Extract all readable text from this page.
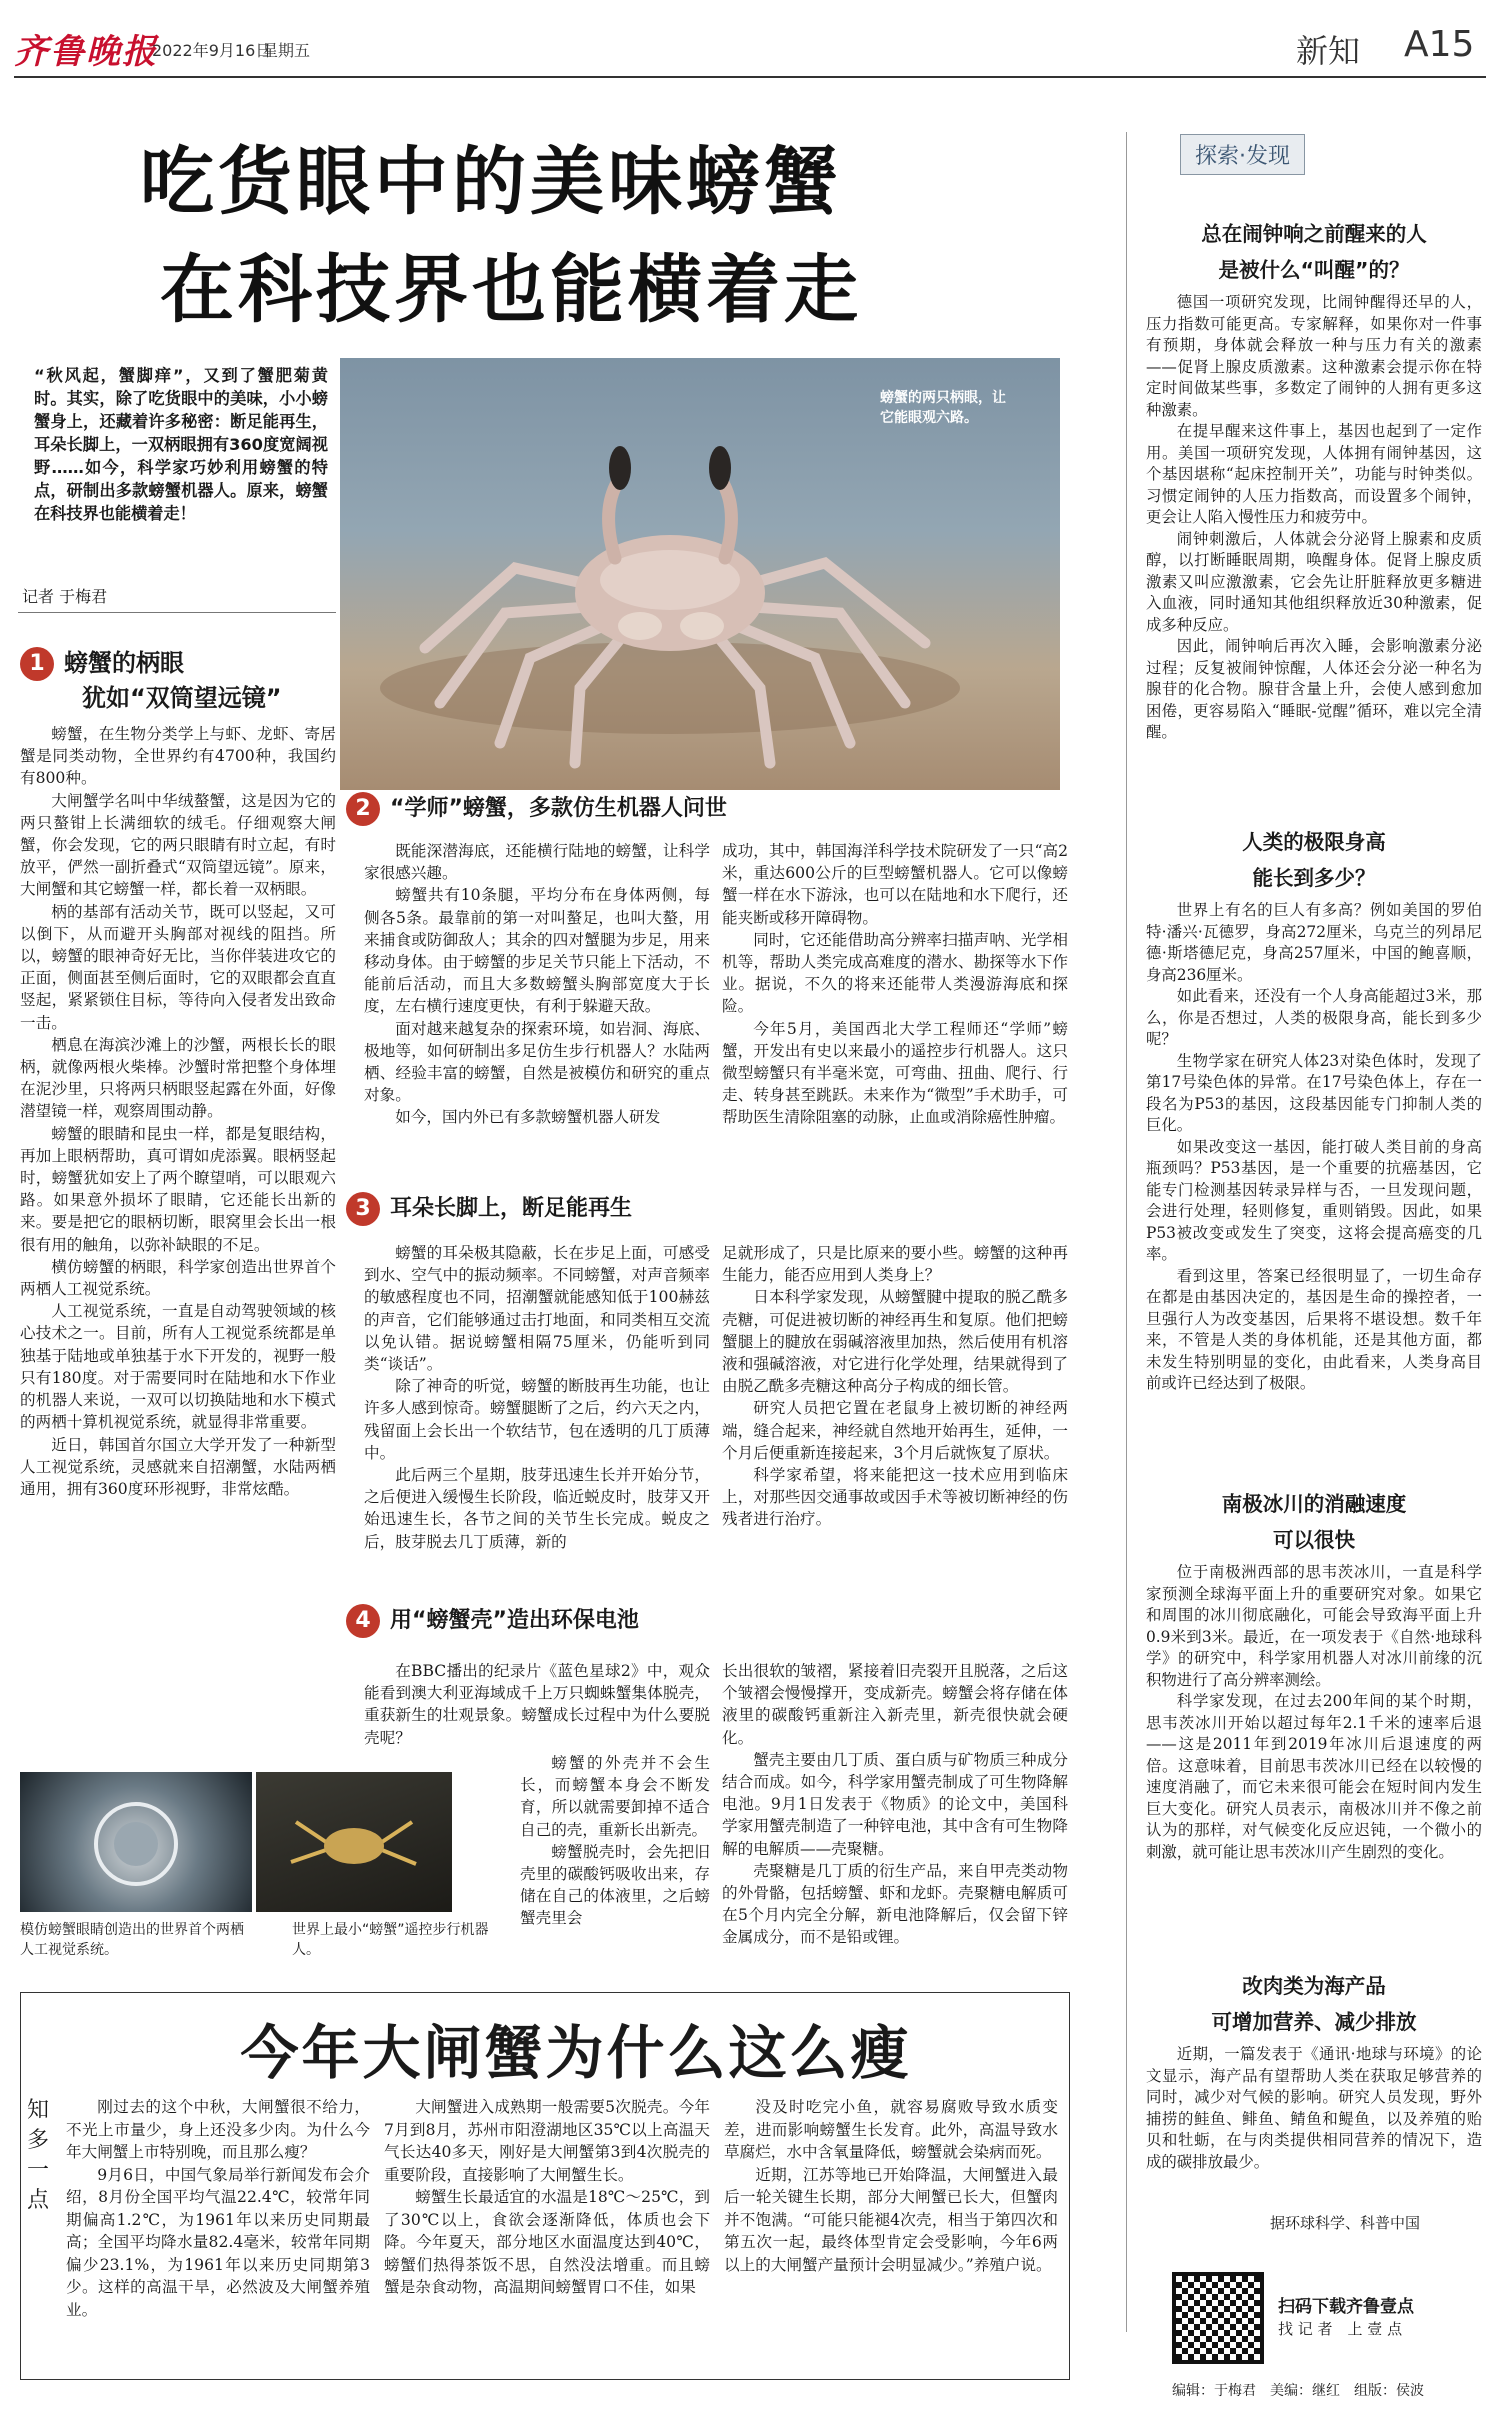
齐鲁晚报
2022年9月16日
星期五	新知 A15
吃货眼中的美味螃蟹
在科技界也能横着走
“秋风起，蟹脚痒”，又到了蟹肥菊黄时。其实，除了吃货眼中的美味，小小螃蟹身上，还藏着许多秘密：断足能再生，耳朵长脚上，一双柄眼拥有360度宽阔视野……如今，科学家巧妙利用螃蟹的特点，研制出多款螃蟹机器人。原来，螃蟹在科技界也能横着走！
记者 于梅君
螃蟹的两只柄眼，让它能眼观六路。
1 螃蟹的柄眼
犹如“双筒望远镜”

螃蟹，在生物分类学上与虾、龙虾、寄居蟹是同类动物，全世界约有4700种，我国约有800种。

大闸蟹学名叫中华绒螯蟹，这是因为它的两只螯钳上长满细软的绒毛。仔细观察大闸蟹，你会发现，它的两只眼睛有时立起，有时放平，俨然一副折叠式“双筒望远镜”。原来，大闸蟹和其它螃蟹一样，都长着一双柄眼。

柄的基部有活动关节，既可以竖起，又可以倒下，从而避开头胸部对视线的阻挡。所以，螃蟹的眼神奇好无比，当你伴装进攻它的正面，侧面甚至侧后面时，它的双眼都会直直竖起，紧紧锁住目标，等待向入侵者发出致命一击。

栖息在海滨沙滩上的沙蟹，两根长长的眼柄，就像两根火柴棒。沙蟹时常把整个身体埋在泥沙里，只将两只柄眼竖起露在外面，好像潜望镜一样，观察周围动静。

螃蟹的眼睛和昆虫一样，都是复眼结构，再加上眼柄帮助，真可谓如虎添翼。眼柄竖起时，螃蟹犹如安上了两个瞭望哨，可以眼观六路。如果意外损坏了眼睛，它还能长出新的来。要是把它的眼柄切断，眼窝里会长出一根很有用的触角，以弥补缺眼的不足。

横仿螃蟹的柄眼，科学家创造出世界首个两栖人工视觉系统。

人工视觉系统，一直是自动驾驶领域的核心技术之一。目前，所有人工视觉系统都是单独基于陆地或单独基于水下开发的，视野一般只有180度。对于需要同时在陆地和水下作业的机器人来说，一双可以切换陆地和水下模式的两栖十算机视觉系统，就显得非常重要。

近日，韩国首尔国立大学开发了一种新型人工视觉系统，灵感就来自招潮蟹，水陆两栖通用，拥有360度环形视野，非常炫酷。

模仿螃蟹眼睛创造出的世界首个两栖人工视觉系统。
世界上最小“螃蟹”遥控步行机器人。
2 “学师”螃蟹，多款仿生机器人问世

既能深潜海底，还能横行陆地的螃蟹，让科学家很感兴趣。

螃蟹共有10条腿，平均分布在身体两侧，每侧各5条。最靠前的第一对叫螯足，也叫大螯，用来捕食或防御敌人；其余的四对蟹腿为步足，用来移动身体。由于螃蟹的步足关节只能上下活动，不能前后活动，而且大多数螃蟹头胸部宽度大于长度，左右横行速度更快，有利于躲避天敌。

面对越来越复杂的探索环境，如岩洞、海底、极地等，如何研制出多足仿生步行机器人？水陆两栖、经验丰富的螃蟹，自然是被模仿和研究的重点对象。

如今，国内外已有多款螃蟹机器人研发

成功，其中，韩国海洋科学技术院研发了一只“高2米，重达600公斤的巨型螃蟹机器人。它可以像螃蟹一样在水下游泳，也可以在陆地和水下爬行，还能夹断或移开障碍物。

同时，它还能借助高分辨率扫描声呐、光学相机等，帮助人类完成高难度的潜水、勘探等水下作业。据说，不久的将来还能带人类漫游海底和探险。

今年5月，美国西北大学工程师还“学师”螃蟹，开发出有史以来最小的遥控步行机器人。这只微型螃蟹只有半毫米宽，可弯曲、扭曲、爬行、行走、转身甚至跳跃。未来作为“微型”手术助手，可帮助医生清除阻塞的动脉，止血或消除癌性肿瘤。

3 耳朵长脚上，断足能再生

螃蟹的耳朵极其隐蔽，长在步足上面，可感受到水、空气中的振动频率。不同螃蟹，对声音频率的敏感程度也不同，招潮蟹就能感知低于100赫兹的声音，它们能够通过击打地面，和同类相互交流以免认错。据说螃蟹相隔75厘米，仍能听到同类“谈话”。

除了神奇的听觉，螃蟹的断肢再生功能，也让许多人感到惊奇。螃蟹腿断了之后，约六天之内，残留面上会长出一个软结节，包在透明的几丁质薄中。

此后两三个星期，肢芽迅速生长并开始分节，之后便进入缓慢生长阶段，临近蜕皮时，肢芽又开始迅速生长，各节之间的关节生长完成。蜕皮之后，肢芽脱去几丁质薄，新的

足就形成了，只是比原来的要小些。螃蟹的这种再生能力，能否应用到人类身上？

日本科学家发现，从螃蟹腱中提取的脱乙酰多壳糖，可促进被切断的神经再生和复原。他们把螃蟹腿上的腱放在弱碱溶液里加热，然后使用有机溶液和强碱溶液，对它进行化学处理，结果就得到了由脱乙酰多壳糖这种高分子构成的细长管。

研究人员把它置在老鼠身上被切断的神经两端，缝合起来，神经就自然地开始再生，延伸，一个月后便重新连接起来，3个月后就恢复了原状。

科学家希望，将来能把这一技术应用到临床上，对那些因交通事故或因手术等被切断神经的伤残者进行治疗。

4 用“螃蟹壳”造出环保电池

在BBC播出的纪录片《蓝色星球2》中，观众能看到澳大利亚海域成千上万只蜘蛛蟹集体脱壳，重获新生的壮观景象。螃蟹成长过程中为什么要脱壳呢？

螃蟹的外壳并不会生长，而螃蟹本身会不断发育，所以就需要卸掉不适合自己的壳，重新长出新壳。

螃蟹脱壳时，会先把旧壳里的碳酸钙吸收出来，存储在自己的体液里，之后螃蟹壳里会

长出很软的皱褶，紧接着旧壳裂开且脱落，之后这个皱褶会慢慢撑开，变成新壳。螃蟹会将存储在体液里的碳酸钙重新注入新壳里，新壳很快就会硬化。

蟹壳主要由几丁质、蛋白质与矿物质三种成分结合而成。如今，科学家用蟹壳制成了可生物降解电池。9月1日发表于《物质》的论文中，美国科学家用蟹壳制造了一种锌电池，其中含有可生物降解的电解质——壳聚糖。

壳聚糖是几丁质的衍生产品，来自甲壳类动物的外骨骼，包括螃蟹、虾和龙虾。壳聚糖电解质可在5个月内完全分解，新电池降解后，仅会留下锌金属成分，而不是铅或锂。

知多一点
今年大闸蟹为什么这么瘦

刚过去的这个中秋，大闸蟹很不给力，不光上市量少，身上还没多少肉。为什么今年大闸蟹上市特别晚，而且那么瘦？

9月6日，中国气象局举行新闻发布会介绍，8月份全国平均气温22.4℃，较常年同期偏高1.2℃，为1961年以来历史同期最高；全国平均降水量82.4毫米，较常年同期偏少23.1%，为1961年以来历史同期第3少。这样的高温干旱，必然波及大闸蟹养殖业。

大闸蟹进入成熟期一般需要5次脱壳。今年7月到8月，苏州市阳澄湖地区35℃以上高温天气长达40多天，刚好是大闸蟹第3到4次脱壳的重要阶段，直接影响了大闸蟹生长。

螃蟹生长最适宜的水温是18℃～25℃，到了30℃以上，食欲会逐渐降低，体质也会下降。今年夏天，部分地区水面温度达到40℃，螃蟹们热得茶饭不思，自然没法增重。而且螃蟹是杂食动物，高温期间螃蟹胃口不佳，如果

没及时吃完小鱼，就容易腐败导致水质变差，进而影响螃蟹生长发育。此外，高温导致水草腐烂，水中含氧量降低，螃蟹就会染病而死。

近期，江苏等地已开始降温，大闸蟹进入最后一轮关键生长期，部分大闸蟹已长大，但蟹肉并不饱满。“可能只能褪4次壳，相当于第四次和第五次一起，最终体型肯定会受影响，今年6两以上的大闸蟹产量预计会明显减少。”养殖户说。

探索·发现
总在闹钟响之前醒来的人
是被什么“叫醒”的？

德国一项研究发现，比闹钟醒得还早的人，压力指数可能更高。专家解释，如果你对一件事有预期，身体就会释放一种与压力有关的激素——促肾上腺皮质激素。这种激素会提示你在特定时间做某些事，多数定了闹钟的人拥有更多这种激素。

在提早醒来这件事上，基因也起到了一定作用。美国一项研究发现，人体拥有闹钟基因，这个基因堪称“起床控制开关”，功能与时钟类似。习惯定闹钟的人压力指数高，而设置多个闹钟，更会让人陷入慢性压力和疲劳中。

闹钟刺激后，人体就会分泌肾上腺素和皮质醇，以打断睡眠周期，唤醒身体。促肾上腺皮质激素又叫应激激素，它会先让肝脏释放更多糖进入血液，同时通知其他组织释放近30种激素，促成多种反应。

因此，闹钟响后再次入睡，会影响激素分泌过程；反复被闹钟惊醒，人体还会分泌一种名为腺苷的化合物。腺苷含量上升，会使人感到愈加困倦，更容易陷入“睡眠-觉醒”循环，难以完全清醒。

人类的极限身高
能长到多少？

世界上有名的巨人有多高？例如美国的罗伯特·潘兴·瓦德罗，身高272厘米，乌克兰的列昂尼德·斯塔德尼克，身高257厘米，中国的鲍喜顺，身高236厘米。

如此看来，还没有一个人身高能超过3米，那么，你是否想过，人类的极限身高，能长到多少呢？

生物学家在研究人体23对染色体时，发现了第17号染色体的异常。在17号染色体上，存在一段名为P53的基因，这段基因能专门抑制人类的巨化。

如果改变这一基因，能打破人类目前的身高瓶颈吗？P53基因，是一个重要的抗癌基因，它能专门检测基因转录异样与否，一旦发现问题，会进行处理，轻则修复，重则销毁。因此，如果P53被改变或发生了突变，这将会提高癌变的几率。

看到这里，答案已经很明显了，一切生命存在都是由基因决定的，基因是生命的操控者，一旦强行人为改变基因，后果将不堪设想。数千年来，不管是人类的身体机能，还是其他方面，都未发生特别明显的变化，由此看来，人类身高目前或许已经达到了极限。

南极冰川的消融速度
可以很快

位于南极洲西部的思韦茨冰川，一直是科学家预测全球海平面上升的重要研究对象。如果它和周围的冰川彻底融化，可能会导致海平面上升0.9米到3米。最近，在一项发表于《自然·地球科学》的研究中，科学家用机器人对冰川前缘的沉积物进行了高分辨率测绘。

科学家发现，在过去200年间的某个时期，思韦茨冰川开始以超过每年2.1千米的速率后退——这是2011年到2019年冰川后退速度的两倍。这意味着，目前思韦茨冰川已经在以较慢的速度消融了，而它未来很可能会在短时间内发生巨大变化。研究人员表示，南极冰川并不像之前认为的那样，对气候变化反应迟钝，一个微小的刺激，就可能让思韦茨冰川产生剧烈的变化。

改肉类为海产品
可增加营养、减少排放

近期，一篇发表于《通讯·地球与环境》的论文显示，海产品有望帮助人类在获取足够营养的同时，减少对气候的影响。研究人员发现，野外捕捞的鲑鱼、鲱鱼、鲭鱼和鳀鱼，以及养殖的贻贝和牡蛎，在与肉类提供相同营养的情况下，造成的碳排放最少。

据环球科学、科普中国
扫码下载齐鲁壹点
找 记 者　上 壹 点
编辑：于梅君　美编：继红　组版：侯波
